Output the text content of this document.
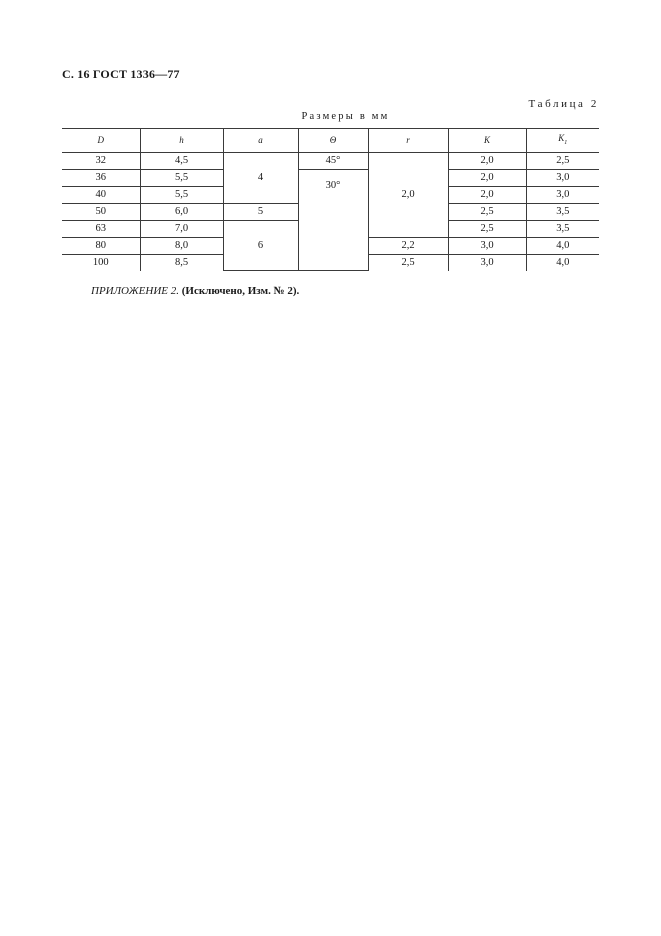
С. 16 ГОСТ 1336—77
Таблица 2
Размеры в мм
D	h	a	Θ	r	K	$K_1$
32	4,5	4	45°	2,0	2,0	2,5
36	5,5		30°		2,0	3,0
40	5,5				2,0	3,0
50	6,0	5			2,5	3,5
63	7,0	6			2,5	3,5
80	8,0			2,2	3,0	4,0
100	8,5			2,5	3,0	4,0
ПРИЛОЖЕНИЕ 2. (Исключено, Изм. № 2).
